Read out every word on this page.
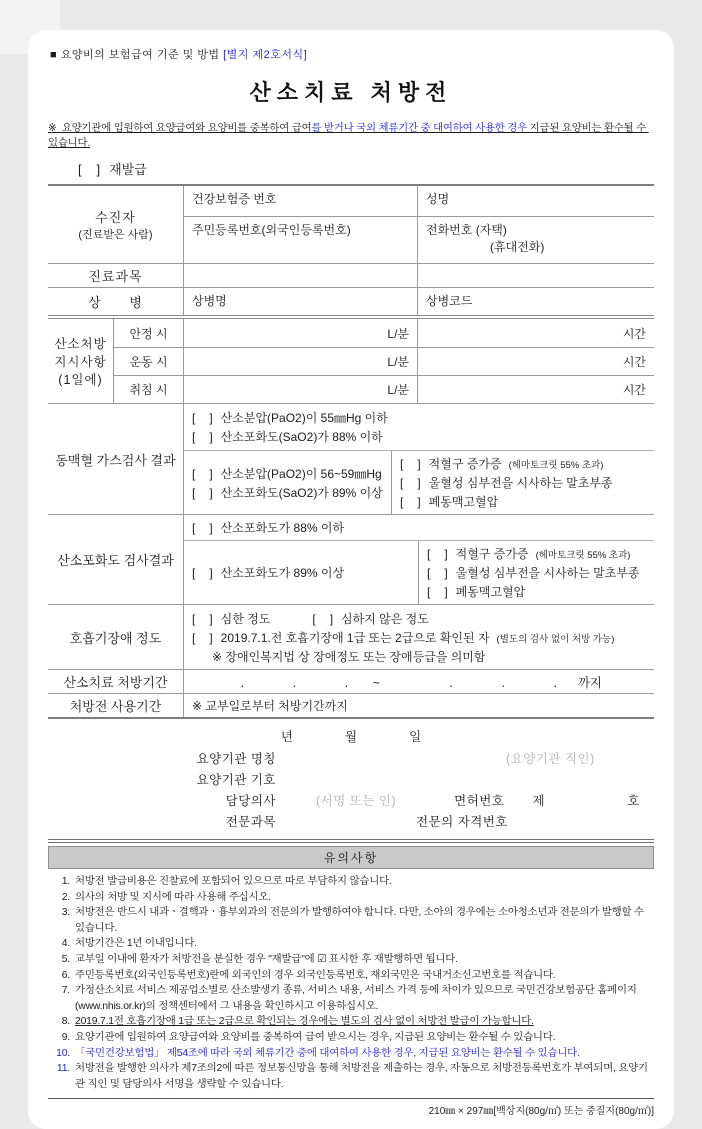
■ 요양비의 보험급여 기준 및 방법 [별지 제2호서식]
산소치료 처방전
※  요양기관에 입원하여 요양급여와 요양비를 중복하여 급여를 받거나 국외 체류기간 중 대여하여 사용한 경우 지급된 요양비는 환수될 수 있습니다.
[   ] 재발급
수진자
(진료받은 사람)
건강보험증 번호	성명
주민등록번호(외국인등록번호)	전화번호 (자택)
(휴대전화)
진료과목
상      병	상병명	상병코드
산소처방
지시사항
(1일에)
안정 시	L/분	시간
운동 시	L/분	시간
취침 시	L/분	시간
동맥혈 가스검사 결과
[   ] 산소분압(PaO2)이 55㎜Hg 이하
[   ] 산소포화도(SaO2)가 88% 이하
[   ] 산소분압(PaO2)이 56~59㎜Hg
[   ] 산소포화도(SaO2)가 89% 이상
[   ] 적혈구 증가증 (헤마토크릿 55% 초과)
[   ] 울혈성 심부전을 시사하는 말초부종
[   ] 폐동맥고혈압
산소포화도 검사결과
[   ] 산소포화도가 88% 이하
[   ] 산소포화도가 89% 이상
[   ] 적혈구 증가증 (헤마토크릿 55% 초과)
[   ] 울혈성 심부전을 시사하는 말초부종
[   ] 폐동맥고혈압
호흡기장애 정도
[   ] 심한 정도	[   ] 심하지 않은 정도
[   ] 2019.7.1.전 호흡기장애 1급 또는 2급으로 확인된 자 (별도의 검사 없이 처방 가능)
※ 장애인복지법 상 장애정도 또는 장애등급을 의미함
산소치료 처방기간	.              .              .       ~                    .              .              .      까지
처방전 사용기간	※ 교부일로부터 처방기간까지
년               월               일
요양기관 명칭	(요양기관 직인)
요양기관 기호
담당의사	(서명 또는 인)	면허번호 제	호
전문과목	전문의 자격번호
유의사항
1. 처방전 발급비용은 진찰료에 포함되어 있으므로 따로 부담하지 않습니다.
2. 의사의 처방 및 지시에 따라 사용해 주십시오.
3. 처방전은 반드시 내과ㆍ결핵과ㆍ흉부외과의 전문의가 발행하여야 합니다. 다만, 소아의 경우에는 소아청소년과 전문의가 발행할 수 있습니다.
4. 처방기간은 1년 이내입니다.
5. 교부일 이내에 환자가 처방전을 분실한 경우 "재발급"에 ☑ 표시한 후 재발행하면 됩니다.
6. 주민등록번호(외국인등록번호)란에 외국인의 경우 외국인등록번호, 재외국민은 국내거소신고번호를 적습니다.
7. 가정산소치료 서비스 제공업소별로 산소발생기 종류, 서비스 내용, 서비스 가격 등에 차이가 있으므로 국민건강보험공단 홈페이지(www.nhis.or.kr)의 정책센터에서 그 내용을 확인하시고 이용하십시오.
8. 2019.7.1전 호흡기장애 1급 또는 2급으로 확인되는 경우에는 별도의 검사 없이 처방전 발급이 가능합니다.
9. 요양기관에 입원하여 요양급여와 요양비를 중복하여 급여 받으시는 경우, 지급된 요양비는 환수될 수 있습니다.
10. 「국민건강보험법」 제54조에 따라 국외 체류기간 중에 대여하여 사용한 경우, 지급된 요양비는 환수될 수 있습니다.
11. 처방전을 발행한 의사가 제7조의2에 따른 정보통신망을 통해 처방전을 제출하는 경우, 자동으로 처방전등록번호가 부여되며, 요양기관 직인 및 담당의사 서명을 생략할 수 있습니다.
210㎜ × 297㎜[백상지(80g/㎡) 또는 중질지(80g/㎡)]
